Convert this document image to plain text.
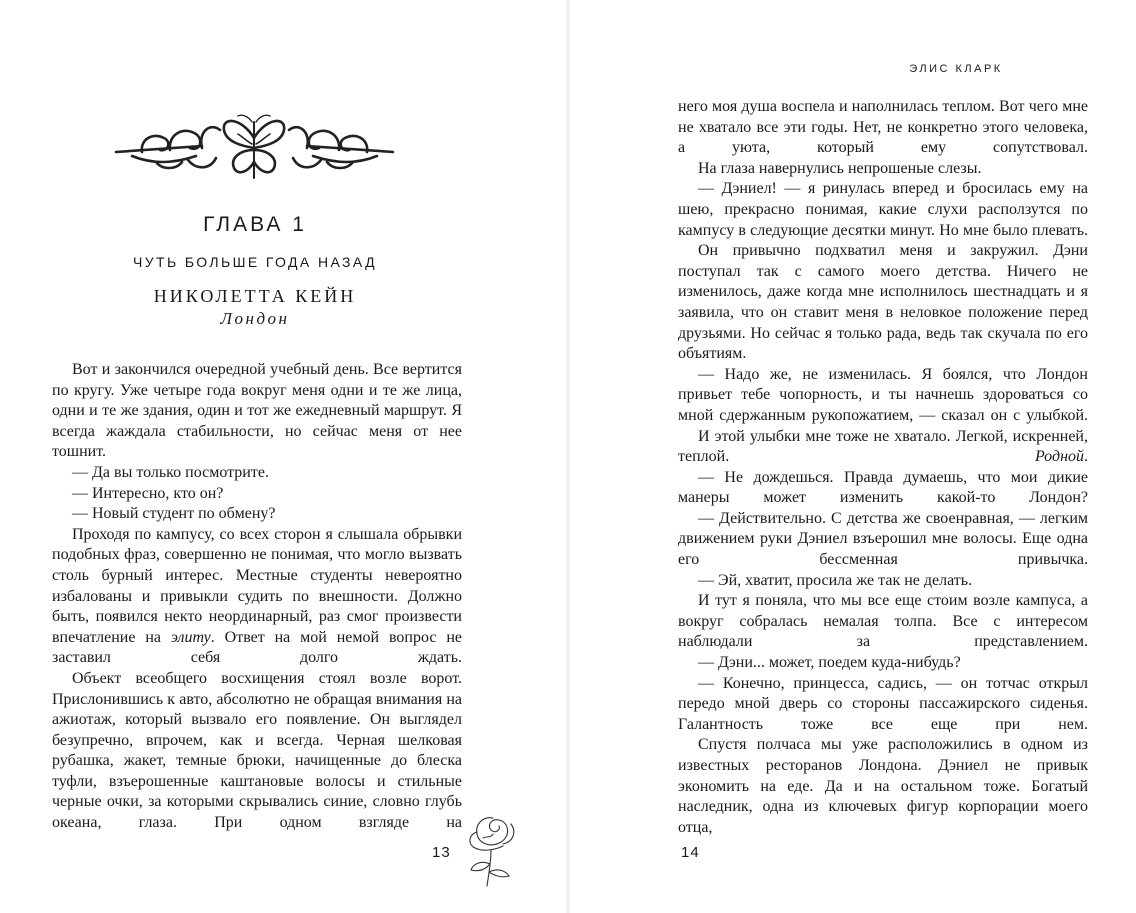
ГЛАВА 1
ЧУТЬ БОЛЬШЕ ГОДА НАЗАД
НИКОЛЕТТА КЕЙН
Лондон

Вот и закончился очередной учебный день. Все вертится по кругу. Уже четыре года вокруг меня одни и те же лица, одни и те же здания, один и тот же ежедневный маршрут. Я всегда жаждала стабильности, но сейчас меня от нее тошнит.

— Да вы только посмотрите.

— Интересно, кто он?

— Новый студент по обмену?

Проходя по кампусу, со всех сторон я слышала обрывки подобных фраз, совершенно не понимая, что могло вызвать столь бурный интерес. Местные студенты невероятно избалованы и привыкли судить по внешности. Должно быть, появился некто неординарный, раз смог произвести впечатление на элиту. Ответ на мой немой вопрос не заставил себя долго ждать.

Объект всеобщего восхищения стоял возле ворот. Прислонившись к авто, абсолютно не обращая внимания на ажиотаж, который вызвало его появление. Он выглядел безупречно, впрочем, как и всегда. Черная шелковая рубашка, жакет, темные брюки, начищенные до блеска туфли, взъерошенные каштановые волосы и стильные черные очки, за которыми скрывались синие, словно глубь океана, глаза. При одном взгляде на

13
ЭЛИС КЛАРК

него моя душа воспела и наполнилась теплом. Вот чего мне не хватало все эти годы. Нет, не конкретно этого человека, а уюта, который ему сопутствовал.

На глаза навернулись непрошеные слезы.

— Дэниел! — я ринулась вперед и бросилась ему на шею, прекрасно понимая, какие слухи расползутся по кампусу в следующие десятки минут. Но мне было плевать.

Он привычно подхватил меня и закружил. Дэни поступал так с самого моего детства. Ничего не изменилось, даже когда мне исполнилось шестнадцать и я заявила, что он ставит меня в неловкое положение перед друзьями. Но сейчас я только рада, ведь так скучала по его объятиям.

— Надо же, не изменилась. Я боялся, что Лондон привьет тебе чопорность, и ты начнешь здороваться со мной сдержанным рукопожатием, — сказал он с улыбкой.

И этой улыбки мне тоже не хватало. Легкой, искренней, теплой. Родной.

— Не дождешься. Правда думаешь, что мои дикие манеры может изменить какой-то Лондон?

— Действительно. С детства же своенравная, — легким движением руки Дэниел взъерошил мне волосы. Еще одна его бессменная привычка.

— Эй, хватит, просила же так не делать.

И тут я поняла, что мы все еще стоим возле кампуса, а вокруг собралась немалая толпа. Все с интересом наблюдали за представлением.

— Дэни... может, поедем куда-нибудь?

— Конечно, принцесса, садись, — он тотчас открыл передо мной дверь со стороны пассажирского сиденья. Галантность тоже все еще при нем.

Спустя полчаса мы уже расположились в одном из известных ресторанов Лондона. Дэниел не привык экономить на еде. Да и на остальном тоже. Богатый наследник, одна из ключевых фигур корпорации моего отца,

14
